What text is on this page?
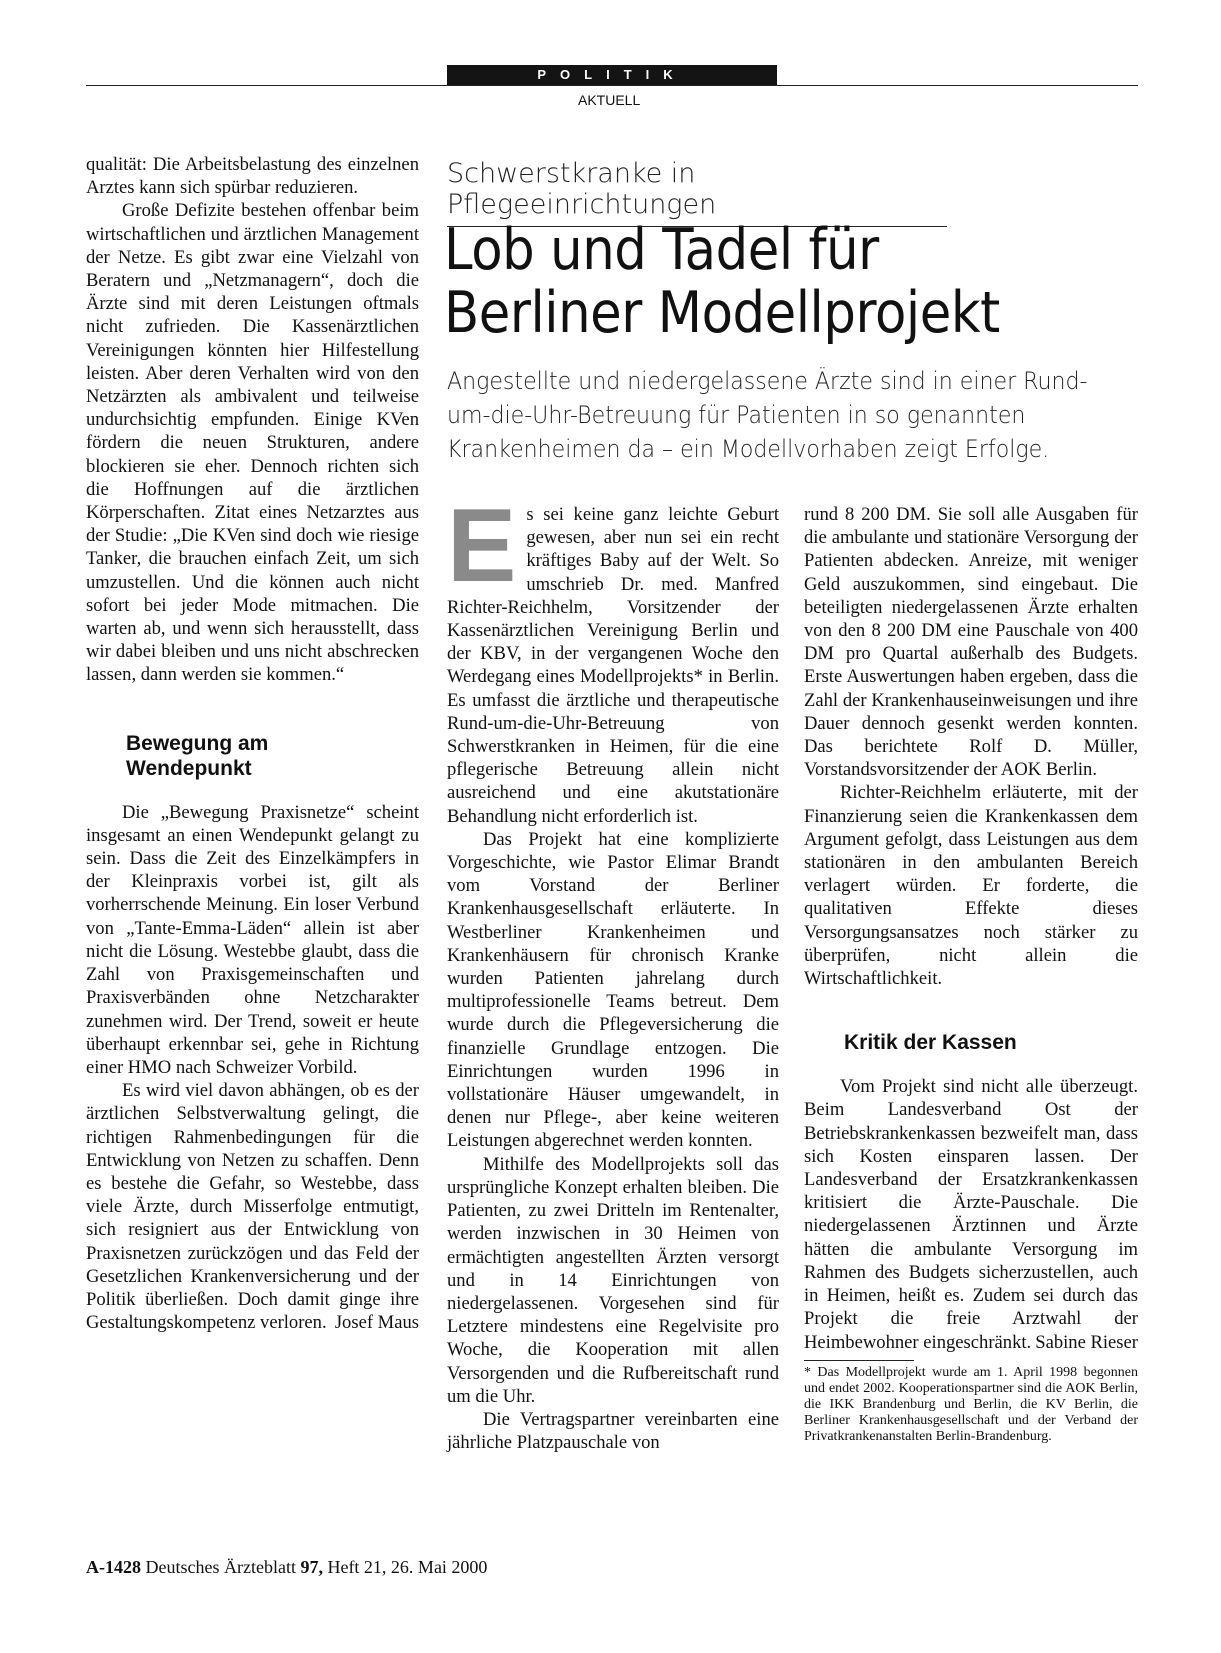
POLITIK
AKTUELL

qualität: Die Arbeitsbelastung des einzelnen Arztes kann sich spürbar reduzieren.

Große Defizite bestehen offenbar beim wirtschaftlichen und ärztlichen Management der Netze. Es gibt zwar eine Vielzahl von Beratern und „Netzmanagern“, doch die Ärzte sind mit deren Leistungen oftmals nicht zufrieden. Die Kassenärztlichen Vereinigungen könnten hier Hilfestellung leisten. Aber deren Verhalten wird von den Netzärzten als ambivalent und teilweise undurchsichtig empfunden. Einige KVen fördern die neuen Strukturen, andere blockieren sie eher. Dennoch richten sich die Hoffnungen auf die ärztlichen Körperschaften. Zitat eines Netzarztes aus der Studie: „Die KVen sind doch wie riesige Tanker, die brauchen einfach Zeit, um sich umzustellen. Und die können auch nicht sofort bei jeder Mode mitmachen. Die warten ab, und wenn sich herausstellt, dass wir dabei bleiben und uns nicht abschrecken lassen, dann werden sie kommen.“

Bewegung am Wendepunkt

Die „Bewegung Praxisnetze“ scheint insgesamt an einen Wendepunkt gelangt zu sein. Dass die Zeit des Einzelkämpfers in der Kleinpraxis vorbei ist, gilt als vorherrschende Meinung. Ein loser Verbund von „Tante-Emma-Läden“ allein ist aber nicht die Lösung. Westebbe glaubt, dass die Zahl von Praxisgemeinschaften und Praxisverbänden ohne Netzcharakter zunehmen wird. Der Trend, soweit er heute überhaupt erkennbar sei, gehe in Richtung einer HMO nach Schweizer Vorbild.

Es wird viel davon abhängen, ob es der ärztlichen Selbstverwaltung gelingt, die richtigen Rahmenbedingungen für die Entwicklung von Netzen zu schaffen. Denn es bestehe die Gefahr, so Westebbe, dass viele Ärzte, durch Misserfolge entmutigt, sich resigniert aus der Entwicklung von Praxisnetzen zurückzögen und das Feld der Gesetzlichen Krankenversicherung und der Politik überließen. Doch damit ginge ihre Gestaltungskompetenz verloren. Josef Maus
Schwerstkranke in Pflegeeinrichtungen
Lob und Tadel für
Berliner Modellprojekt
Angestellte und niedergelassene Ärzte sind in einer Rund-um-die-Uhr-Betreuung für Patienten in so genannten Krankenheimen da – ein Modellvorhaben zeigt Erfolge.
E s sei keine ganz leichte Geburt gewesen, aber nun sei ein recht kräftiges Baby auf der Welt. So umschrieb Dr. med. Manfred Richter-Reichhelm, Vorsitzender der Kassenärztlichen Vereinigung Berlin und der KBV, in der vergangenen Woche den Werdegang eines Modellprojekts* in Berlin. Es umfasst die ärztliche und therapeutische Rund-um-die-Uhr-Betreuung von Schwerstkranken in Heimen, für die eine pflegerische Betreuung allein nicht ausreichend und eine akutstationäre Behandlung nicht erforderlich ist.

Das Projekt hat eine komplizierte Vorgeschichte, wie Pastor Elimar Brandt vom Vorstand der Berliner Krankenhausgesellschaft erläuterte. In Westberliner Krankenheimen und Krankenhäusern für chronisch Kranke wurden Patienten jahrelang durch multiprofessionelle Teams betreut. Dem wurde durch die Pflegeversicherung die finanzielle Grundlage entzogen. Die Einrichtungen wurden 1996 in vollstationäre Häuser umgewandelt, in denen nur Pflege-, aber keine weiteren Leistungen abgerechnet werden konnten.

Mithilfe des Modellprojekts soll das ursprüngliche Konzept erhalten bleiben. Die Patienten, zu zwei Dritteln im Rentenalter, werden inzwischen in 30 Heimen von ermächtigten angestellten Ärzten versorgt und in 14 Einrichtungen von niedergelassenen. Vorgesehen sind für Letztere mindestens eine Regelvisite pro Woche, die Kooperation mit allen Versorgenden und die Rufbereitschaft rund um die Uhr.

Die Vertragspartner vereinbarten eine jährliche Platzpauschale von

rund 8 200 DM. Sie soll alle Ausgaben für die ambulante und stationäre Versorgung der Patienten abdecken. Anreize, mit weniger Geld auszukommen, sind eingebaut. Die beteiligten niedergelassenen Ärzte erhalten von den 8 200 DM eine Pauschale von 400 DM pro Quartal außerhalb des Budgets. Erste Auswertungen haben ergeben, dass die Zahl der Krankenhauseinweisungen und ihre Dauer dennoch gesenkt werden konnten. Das berichtete Rolf D. Müller, Vorstandsvorsitzender der AOK Berlin.

Richter-Reichhelm erläuterte, mit der Finanzierung seien die Krankenkassen dem Argument gefolgt, dass Leistungen aus dem stationären in den ambulanten Bereich verlagert würden. Er forderte, die qualitativen Effekte dieses Versorgungsansatzes noch stärker zu überprüfen, nicht allein die Wirtschaftlichkeit.

Kritik der Kassen

Vom Projekt sind nicht alle überzeugt. Beim Landesverband Ost der Betriebskrankenkassen bezweifelt man, dass sich Kosten einsparen lassen. Der Landesverband der Ersatzkrankenkassen kritisiert die Ärzte-Pauschale. Die niedergelassenen Ärztinnen und Ärzte hätten die ambulante Versorgung im Rahmen des Budgets sicherzustellen, auch in Heimen, heißt es. Zudem sei durch das Projekt die freie Arztwahl der Heimbewohner eingeschränkt. Sabine Rieser
* Das Modellprojekt wurde am 1. April 1998 begonnen und endet 2002. Kooperationspartner sind die AOK Berlin, die IKK Brandenburg und Berlin, die KV Berlin, die Berliner Krankenhausgesellschaft und der Verband der Privatkrankenanstalten Berlin-Brandenburg.
A-1428 Deutsches Ärzteblatt 97, Heft 21, 26. Mai 2000
